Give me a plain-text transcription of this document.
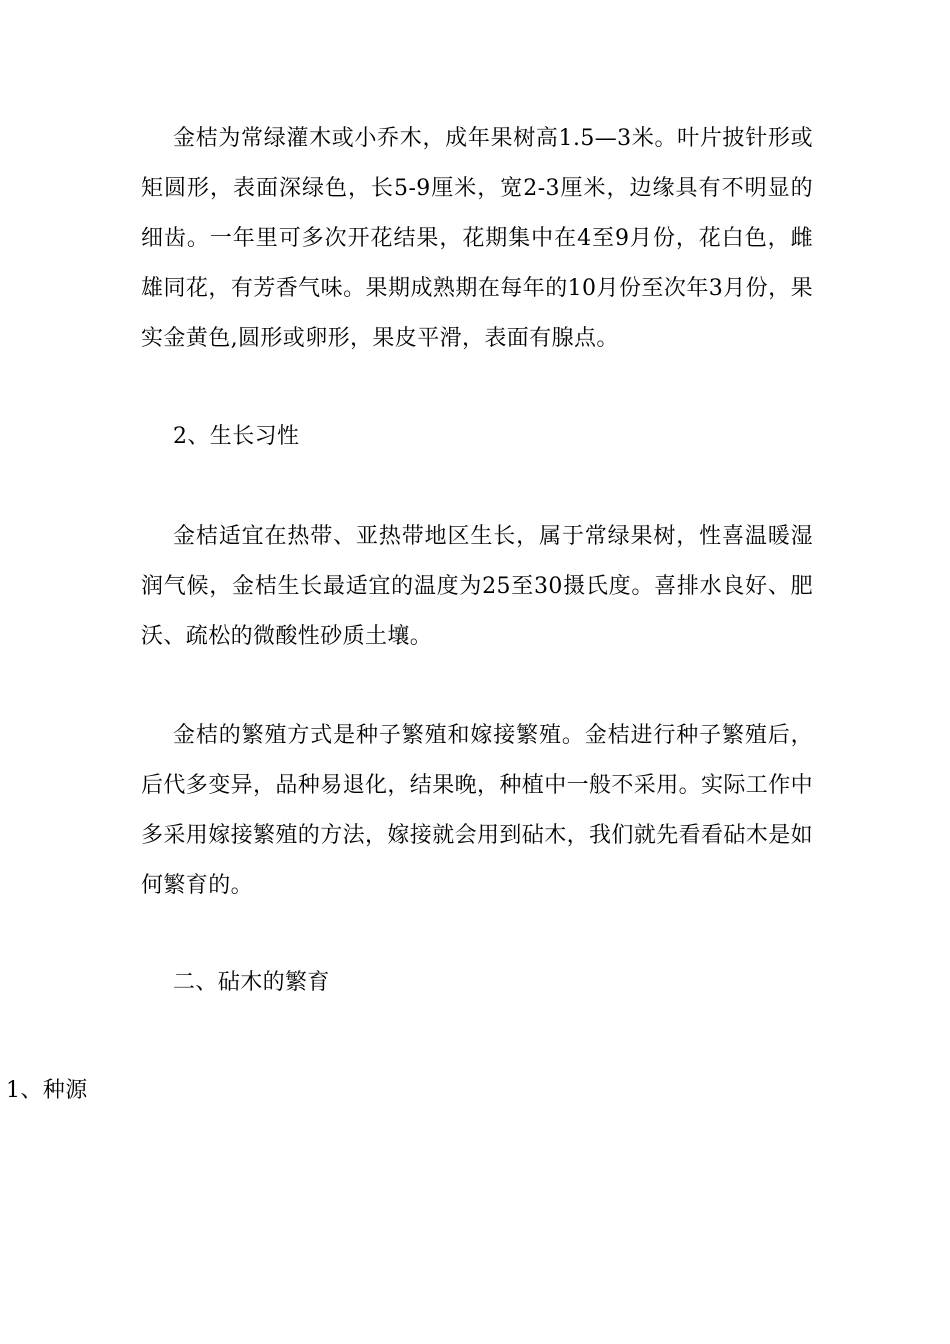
金桔为常绿灌木或小乔木，成年果树高1.5—3米。叶片披针形或矩圆形，表面深绿色，长5-9厘米，宽2-3厘米，边缘具有不明显的细齿。一年里可多次开花结果，花期集中在4至9月份，花白色，雌雄同花，有芳香气味。果期成熟期在每年的10月份至次年3月份，果实金黄色,圆形或卵形，果皮平滑，表面有腺点。

2、生长习性

金桔适宜在热带、亚热带地区生长，属于常绿果树，性喜温暖湿润气候，金桔生长最适宜的温度为25至30摄氏度。喜排水良好、肥沃、疏松的微酸性砂质土壤。

金桔的繁殖方式是种子繁殖和嫁接繁殖。金桔进行种子繁殖后，后代多变异，品种易退化，结果晚，种植中一般不采用。实际工作中多采用嫁接繁殖的方法，嫁接就会用到砧木，我们就先看看砧木是如何繁育的。

二、砧木的繁育
1、种源
